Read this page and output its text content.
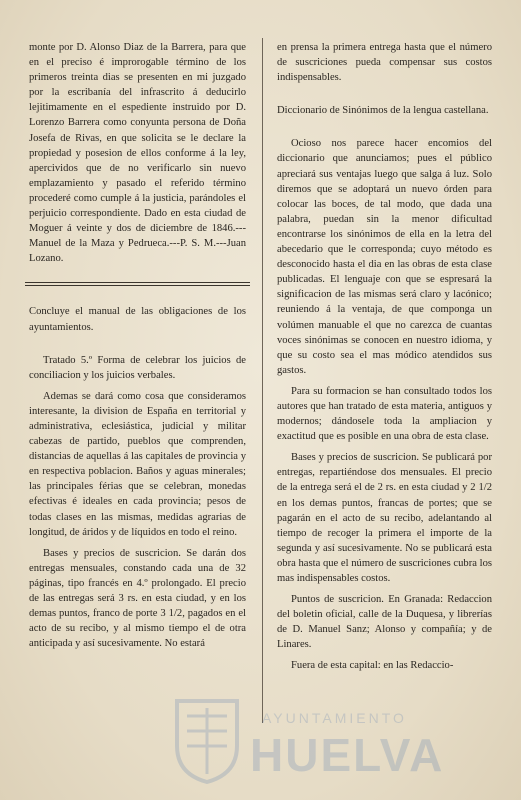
monte por D. Alonso Diaz de la Barrera, para que en el preciso é improrogable término de los primeros treinta dias se presenten en mi juzgado por la escribanía del infrascrito á deducirlo lejitimamente en el espediente instruido por D. Lorenzo Barrera como conyunta persona de Doña Josefa de Rivas, en que solicita se le declare la propiedad y posesion de ellos conforme á la ley, apercividos que de no verificarlo sin nuevo emplazamiento y pasado el referido término procederé como cumple á la justicia, parándoles el perjuicio correspondiente. Dado en esta ciudad de Moguer á veinte y dos de diciembre de 1846.---Manuel de la Maza y Pedrueca.---P. S. M.---Juan Lozano.

Concluye el manual de las obligaciones de los ayuntamientos.

Tratado 5.º Forma de celebrar los juicios de conciliacion y los juicios verbales.

Ademas se dará como cosa que consideramos interesante, la division de España en territorial y administrativa, eclesiástica, judicial y militar cabezas de partido, pueblos que comprenden, distancias de aquellas á las capitales de provincia y en respectiva poblacion. Baños y aguas minerales; las principales férias que se celebran, monedas efectivas é ideales en cada provincia; pesos de todas clases en las mismas, medidas agrarias de longitud, de áridos y de líquidos en todo el reino.

Bases y precios de suscricion. Se darán dos entregas mensuales, constando cada una de 32 páginas, tipo francés en 4.º prolongado. El precio de las entregas será 3 rs. en esta ciudad, y en los demas puntos, franco de porte 3 1/2, pagados en el acto de su recibo, y al mismo tiempo el de otra anticipada y así sucesivamente. No estará

en prensa la primera entrega hasta que el número de suscriciones pueda compensar sus costos indispensables.

Diccionario de Sinónimos de la lengua castellana.

Ocioso nos parece hacer encomios del diccionario que anunciamos; pues el público apreciará sus ventajas luego que salga á luz. Solo diremos que se adoptará un nuevo órden para colocar las boces, de tal modo, que dada una palabra, puedan sin la menor dificultad encontrarse los sinónimos de ella en la letra del abecedario que le corresponda; cuyo método es desconocido hasta el dia en las obras de esta clase publicadas. El lenguaje con que se espresará la significacion de las mismas será claro y lacónico; reuniendo á la ventaja, de que componga un volúmen manuable el que no carezca de cuantas voces sinónimas se conocen en nuestro idioma, y que su costo sea el mas módico atendidos sus gastos.

Para su formacion se han consultado todos los autores que han tratado de esta materia, antiguos y modernos; dándosele toda la ampliacion y exactitud que es posible en una obra de esta clase.

Bases y precios de suscricion. Se publicará por entregas, repartiéndose dos mensuales. El precio de la entrega será el de 2 rs. en esta ciudad y 2 1/2 en los demas puntos, francas de portes; que se pagarán en el acto de su recibo, adelantando al tiempo de recoger la primera el importe de la segunda y así sucesivamente. No se publicará esta obra hasta que el número de suscriciones cubra los mas indispensables costos.

Puntos de suscricion. En Granada: Redaccion del boletin oficial, calle de la Duquesa, y librerías de D. Manuel Sanz; Alonso y compañía; y de Linares.

Fuera de esta capital: en las Redaccio-

AYUNTAMIENTO
HUELVA
